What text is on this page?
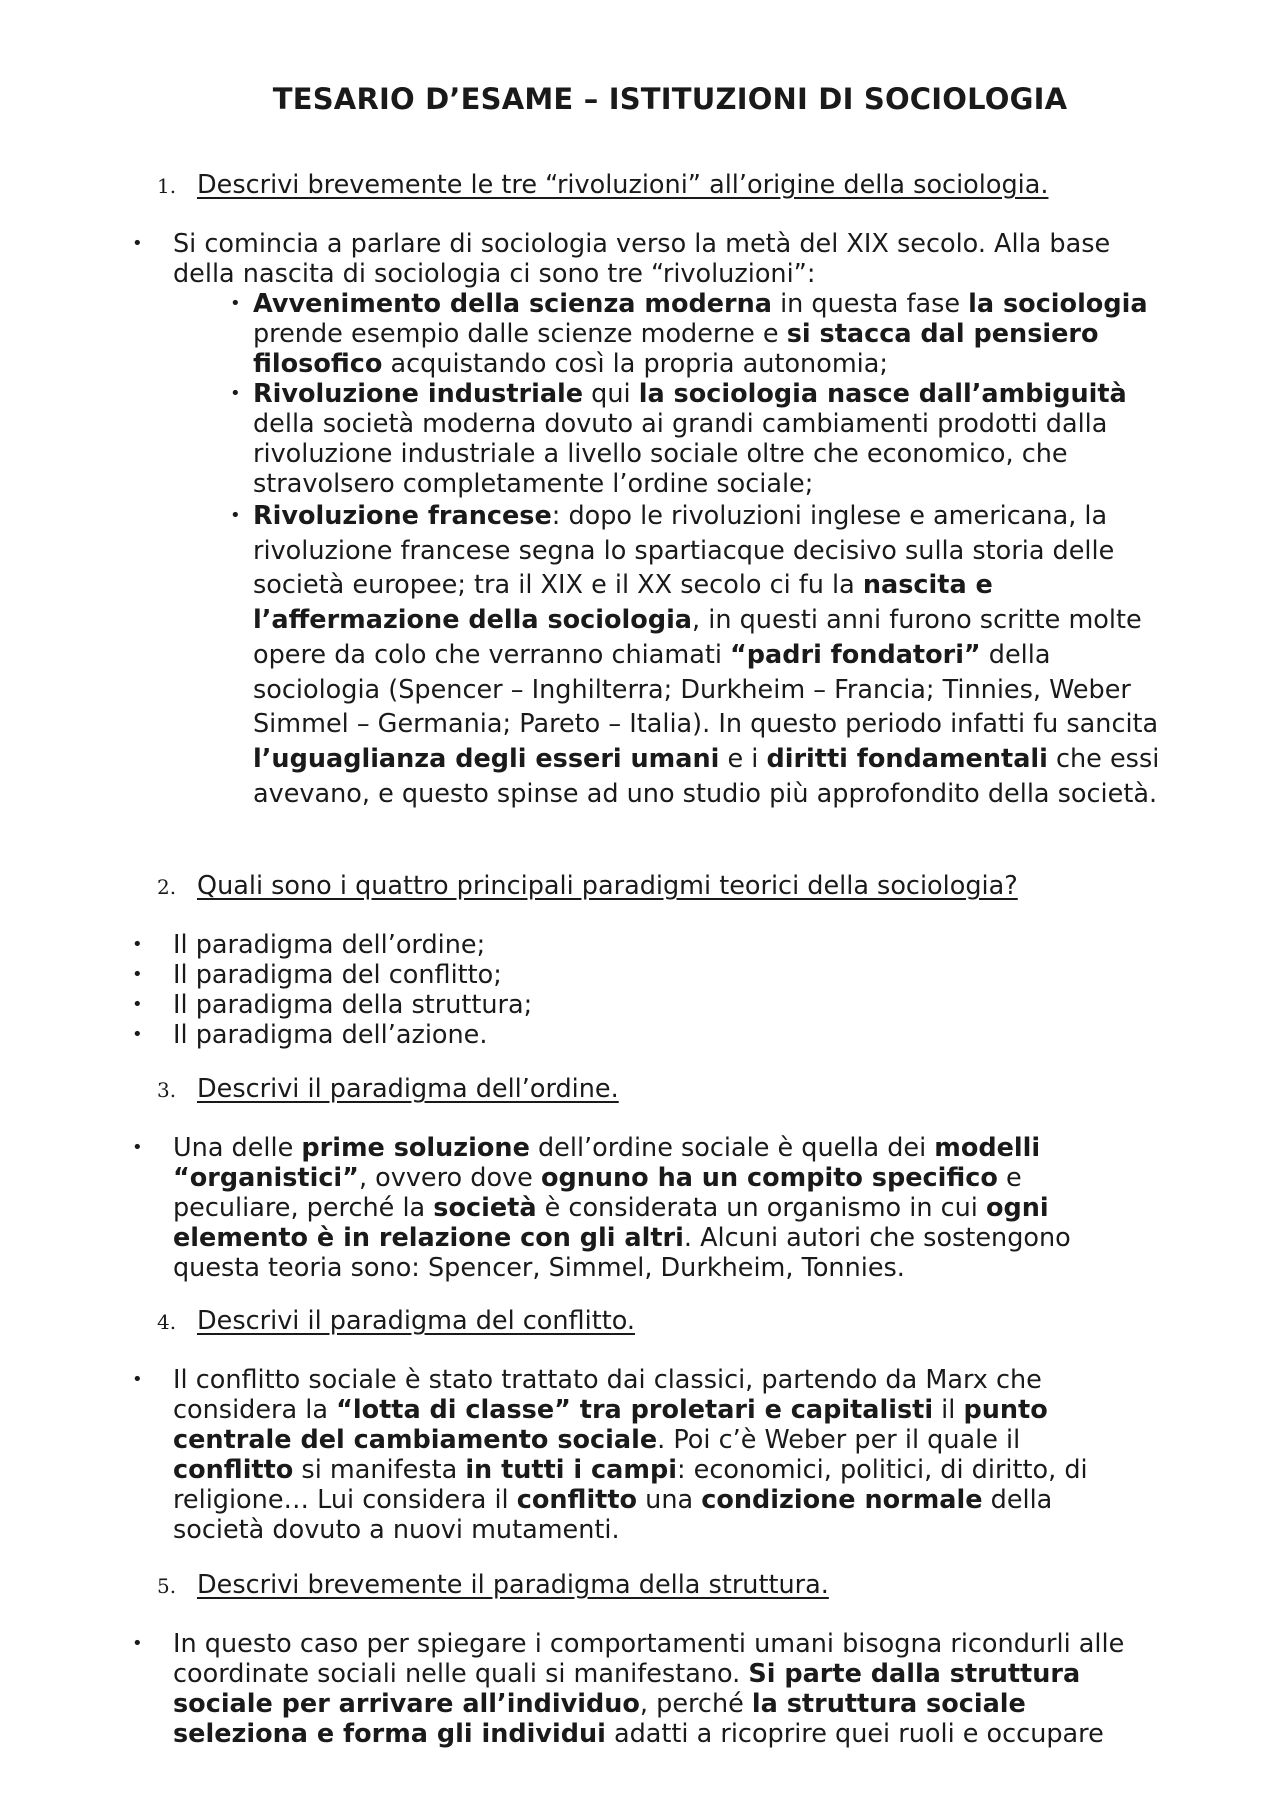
TESARIO D’ESAME – ISTITUZIONI DI SOCIOLOGIA
1. Descrivi brevemente le tre “rivoluzioni” all’origine della sociologia.
• Si comincia a parlare di sociologia verso la metà del XIX secolo. Alla base della nascita di sociologia ci sono tre “rivoluzioni”:
• Avvenimento della scienza moderna in questa fase la sociologia prende esempio dalle scienze moderne e si stacca dal pensiero filosofico acquistando così la propria autonomia;
• Rivoluzione industriale qui la sociologia nasce dall’ambiguità della società moderna dovuto ai grandi cambiamenti prodotti dalla rivoluzione industriale a livello sociale oltre che economico, che stravolsero completamente l’ordine sociale;
• Rivoluzione francese: dopo le rivoluzioni inglese e americana, la rivoluzione francese segna lo spartiacque decisivo sulla storia delle società europee; tra il XIX e il XX secolo ci fu la nascita e l’affermazione della sociologia, in questi anni furono scritte molte opere da colo che verranno chiamati “padri fondatori” della sociologia (Spencer – Inghilterra; Durkheim – Francia; Tinnies, Weber Simmel – Germania; Pareto – Italia). In questo periodo infatti fu sancita l’uguaglianza degli esseri umani e i diritti fondamentali che essi avevano, e questo spinse ad uno studio più approfondito della società.
2. Quali sono i quattro principali paradigmi teorici della sociologia?
• Il paradigma dell’ordine;
• Il paradigma del conflitto;
• Il paradigma della struttura;
• Il paradigma dell’azione.
3. Descrivi il paradigma dell’ordine.
• Una delle prime soluzione dell’ordine sociale è quella dei modelli “organistici”, ovvero dove ognuno ha un compito specifico e peculiare, perché la società è considerata un organismo in cui ogni elemento è in relazione con gli altri. Alcuni autori che sostengono questa teoria sono: Spencer, Simmel, Durkheim, Tonnies.
4. Descrivi il paradigma del conflitto.
• Il conflitto sociale è stato trattato dai classici, partendo da Marx che considera la “lotta di classe” tra proletari e capitalisti il punto centrale del cambiamento sociale. Poi c’è Weber per il quale il conflitto si manifesta in tutti i campi: economici, politici, di diritto, di religione… Lui considera il conflitto una condizione normale della società dovuto a nuovi mutamenti.
5. Descrivi brevemente il paradigma della struttura.
• In questo caso per spiegare i comportamenti umani bisogna ricondurli alle coordinate sociali nelle quali si manifestano. Si parte dalla struttura sociale per arrivare all’individuo, perché la struttura sociale seleziona e forma gli individui adatti a ricoprire quei ruoli e occupare
